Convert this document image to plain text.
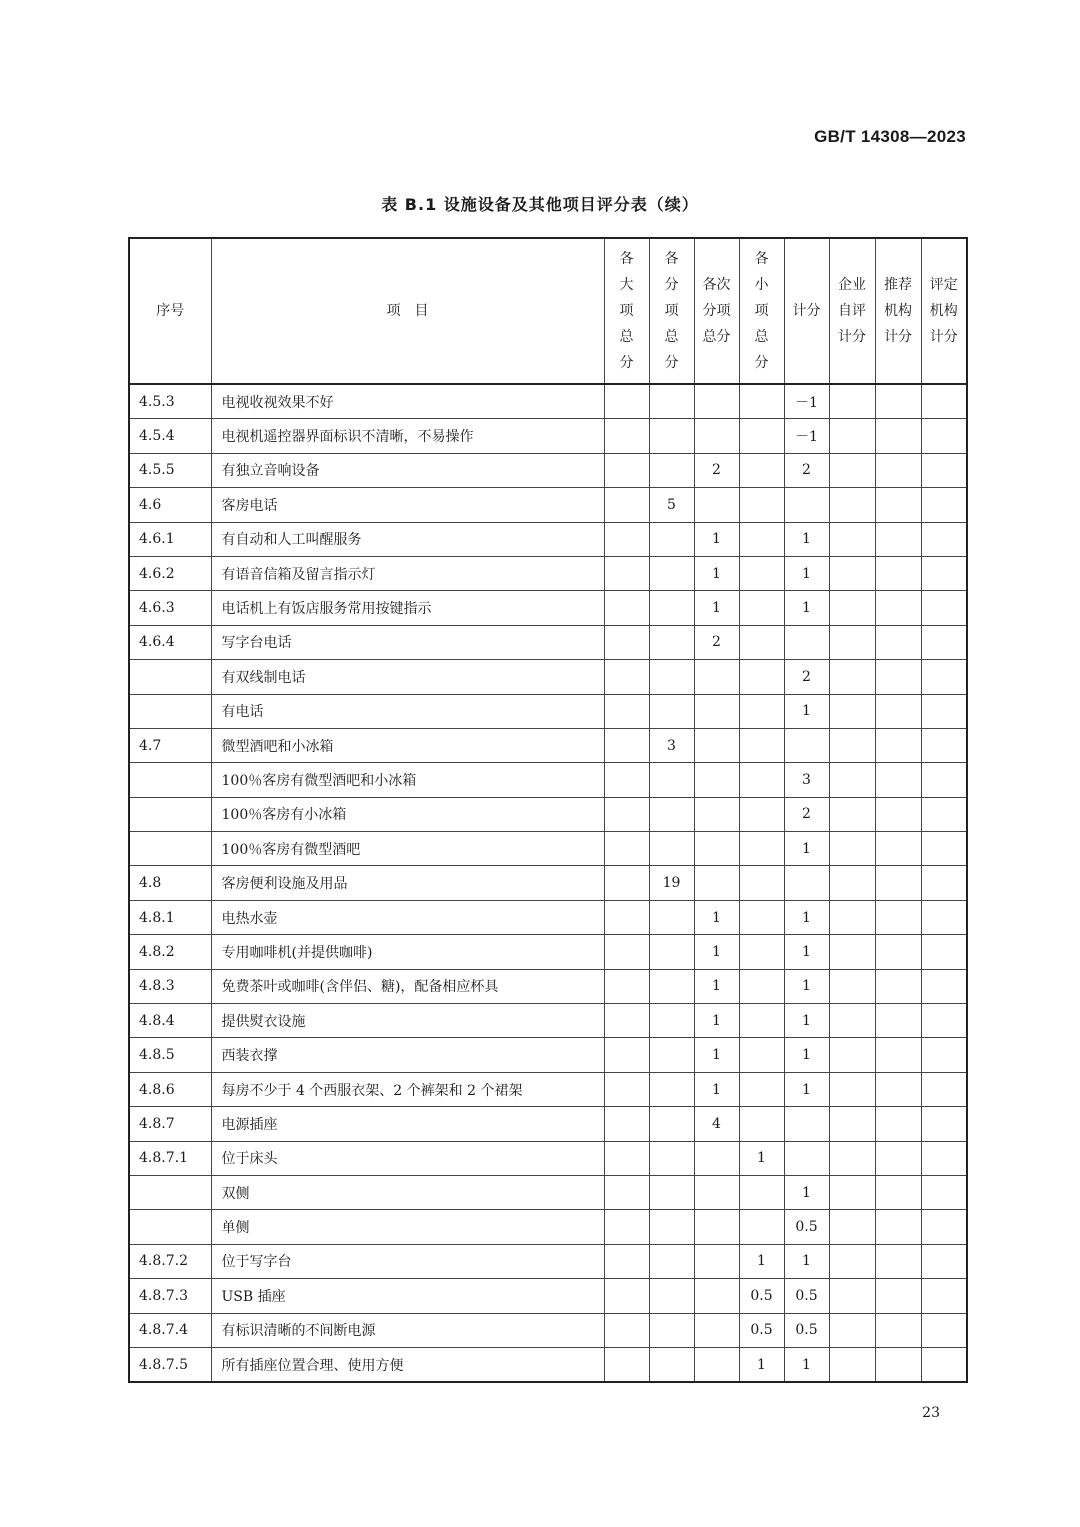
GB/T 14308—2023
表 B.1 设施设备及其他项目评分表（续）
序号	项　目	各大项总分	各分项总分	各次分项总分	各小项总分	计分	企业自评计分	推荐机构计分	评定机构计分
4.5.3	电视收视效果不好					－1			
4.5.4	电视机遥控器界面标识不清晰，不易操作					－1			
4.5.5	有独立音响设备			2		2			
4.6	客房电话		5						
4.6.1	有自动和人工叫醒服务			1		1			
4.6.2	有语音信箱及留言指示灯			1		1			
4.6.3	电话机上有饭店服务常用按键指示			1		1			
4.6.4	写字台电话			2					
	有双线制电话					2			
	有电话					1			
4.7	微型酒吧和小冰箱		3						
	100％客房有微型酒吧和小冰箱					3			
	100％客房有小冰箱					2			
	100％客房有微型酒吧					1			
4.8	客房便利设施及用品		19						
4.8.1	电热水壶			1		1			
4.8.2	专用咖啡机(并提供咖啡)			1		1			
4.8.3	免费茶叶或咖啡(含伴侣、糖)，配备相应杯具			1		1			
4.8.4	提供熨衣设施			1		1			
4.8.5	西装衣撑			1		1			
4.8.6	每房不少于 4 个西服衣架、2 个裤架和 2 个裙架			1		1			
4.8.7	电源插座			4					
4.8.7.1	位于床头				1				
	双侧					1			
	单侧					0.5			
4.8.7.2	位于写字台				1	1			
4.8.7.3	USB 插座				0.5	0.5			
4.8.7.4	有标识清晰的不间断电源				0.5	0.5			
4.8.7.5	所有插座位置合理、使用方便				1	1			
23
